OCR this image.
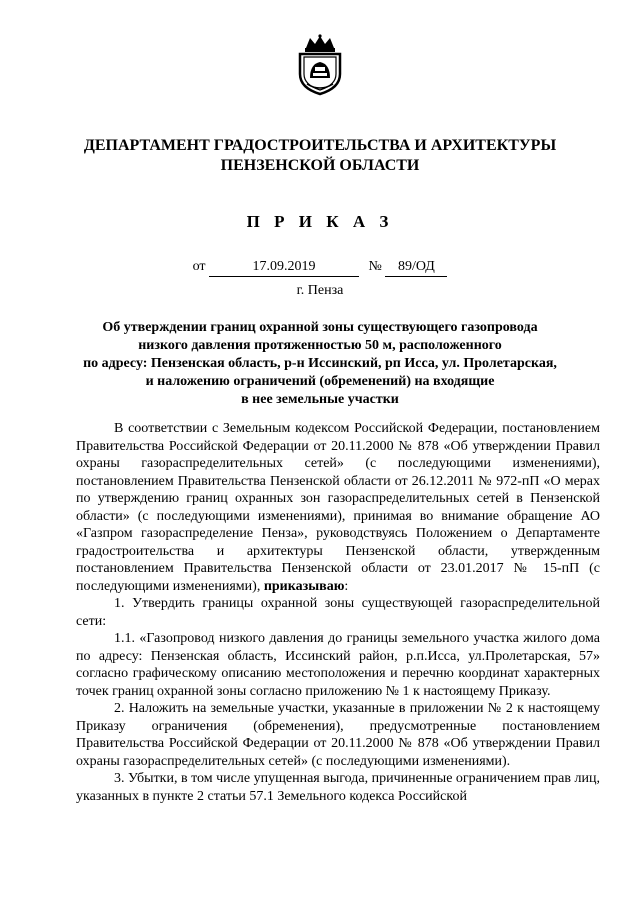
ДЕПАРТАМЕНТ ГРАДОСТРОИТЕЛЬСТВА И АРХИТЕКТУРЫ
ПЕНЗЕНСКОЙ ОБЛАСТИ
П Р И К А З
от	17.09.2019	№ 89/ОД
г. Пенза
Об утверждении границ охранной зоны существующего газопровода
низкого давления протяженностью 50 м, расположенного
по адресу: Пензенская область, р-н Иссинский, рп Исса, ул. Пролетарская,
и наложению ограничений (обременений) на входящие
в нее земельные участки

В соответствии с Земельным кодексом Российской Федерации, постановлением Правительства Российской Федерации от 20.11.2000 № 878 «Об утверждении Правил охраны газораспределительных сетей» (с последующими изменениями), постановлением Правительства Пензенской области от 26.12.2011 № 972-пП «О мерах по утверждению границ охранных зон газораспределительных сетей в Пензенской области» (с последующими изменениями), принимая во внимание обращение АО «Газпром газораспределение Пенза», руководствуясь Положением о Департаменте градостроительства и архитектуры Пензенской области, утвержденным постановлением Правительства Пензенской области от 23.01.2017 № 15-пП (с последующими изменениями), приказываю:

1. Утвердить границы охранной зоны существующей газораспределительной сети:

1.1. «Газопровод низкого давления до границы земельного участка жилого дома по адресу: Пензенская область, Иссинский район, р.п.Исса, ул.Пролетарская, 57» согласно графическому описанию местоположения и перечню координат характерных точек границ охранной зоны согласно приложению № 1 к настоящему Приказу.

2. Наложить на земельные участки, указанные в приложении № 2 к настоящему Приказу ограничения (обременения), предусмотренные постановлением Правительства Российской Федерации от 20.11.2000 № 878 «Об утверждении Правил охраны газораспределительных сетей» (с последующими изменениями).

3. Убытки, в том числе упущенная выгода, причиненные ограничением прав лиц, указанных в пункте 2 статьи 57.1 Земельного кодекса Российской
